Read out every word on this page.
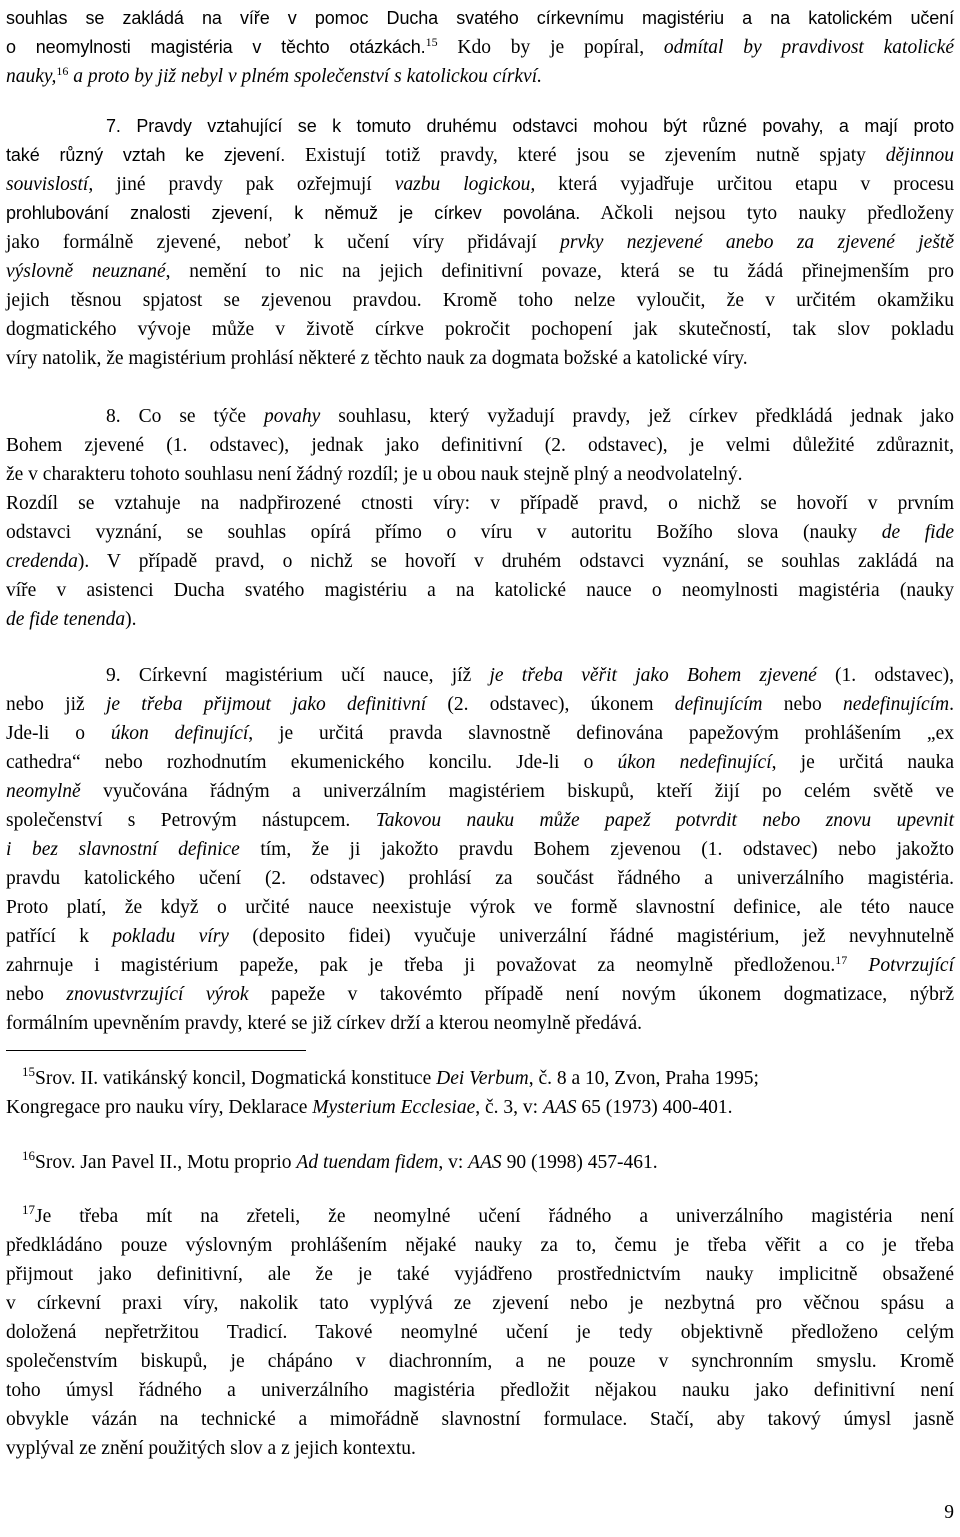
souhlas se zakládá na víře v pomoc Ducha svatého církevnímu magistériu a na katolickém učení
o neomylnosti magistéria v těchto otázkách.$^{15}$ Kdo by je popíral, odmítal by pravdivost katolické
nauky,$^{16}$ a proto by již nebyl v plném společenství s katolickou církví.
7. Pravdy vztahující se k tomuto druhému odstavci mohou být různé povahy, a mají proto
také různý vztah ke zjevení. Existují totiž pravdy, které jsou se zjevením nutně spjaty dějinnou
souvislostí, jiné pravdy pak ozřejmují vazbu logickou, která vyjadřuje určitou etapu v procesu
prohlubování znalosti zjevení, k němuž je církev povolána. Ačkoli nejsou tyto nauky předloženy
jako formálně zjevené, neboť k učení víry přidávají prvky nezjevené anebo za zjevené ještě
výslovně neuznané, nemění to nic na jejich definitivní povaze, která se tu žádá přinejmenším pro
jejich těsnou spjatost se zjevenou pravdou. Kromě toho nelze vyloučit, že v určitém okamžiku
dogmatického vývoje může v životě církve pokročit pochopení jak skutečností, tak slov pokladu
víry natolik, že magistérium prohlásí některé z těchto nauk za dogmata božské a katolické víry.
8. Co se týče povahy souhlasu, který vyžadují pravdy, jež církev předkládá jednak jako
Bohem zjevené (1. odstavec), jednak jako definitivní (2. odstavec), je velmi důležité zdůraznit,
že v charakteru tohoto souhlasu není žádný rozdíl; je u obou nauk stejně plný a neodvolatelný.
Rozdíl se vztahuje na nadpřirozené ctnosti víry: v případě pravd, o nichž se hovoří v prvním
odstavci vyznání, se souhlas opírá přímo o víru v autoritu Božího slova (nauky de fide
credenda). V případě pravd, o nichž se hovoří v druhém odstavci vyznání, se souhlas zakládá na
víře v asistenci Ducha svatého magistériu a na katolické nauce o neomylnosti magistéria (nauky
de fide tenenda).
9. Církevní magistérium učí nauce, jíž je třeba věřit jako Bohem zjevené (1. odstavec),
nebo již je třeba přijmout jako definitivní (2. odstavec), úkonem definujícím nebo nedefinujícím.
Jde-li o úkon definující, je určitá pravda slavnostně definována papežovým prohlášením „ex
cathedra“ nebo rozhodnutím ekumenického koncilu. Jde-li o úkon nedefinující, je určitá nauka
neomylně vyučována řádným a univerzálním magistériem biskupů, kteří žijí po celém světě ve
společenství s Petrovým nástupcem. Takovou nauku může papež potvrdit nebo znovu upevnit
i bez slavnostní definice tím, že ji jakožto pravdu Bohem zjevenou (1. odstavec) nebo jakožto
pravdu katolického učení (2. odstavec) prohlásí za součást řádného a univerzálního magistéria.
Proto platí, že když o určité nauce neexistuje výrok ve formě slavnostní definice, ale této nauce
patřící k pokladu víry (deposito fidei) vyučuje univerzální řádné magistérium, jež nevyhnutelně
zahrnuje i magistérium papeže, pak je třeba ji považovat za neomylně předloženou.$^{17}$ Potvrzující
nebo znovustvrzující výrok papeže v takovémto případě není novým úkonem dogmatizace, nýbrž
formálním upevněním pravdy, které se již církev drží a kterou neomylně předává.
$^{15}$Srov. II. vatikánský koncil, Dogmatická konstituce Dei Verbum, č. 8 a 10, Zvon, Praha 1995;
Kongregace pro nauku víry, Deklarace Mysterium Ecclesiae, č. 3, v: AAS 65 (1973) 400-401.
$^{16}$Srov. Jan Pavel II., Motu proprio Ad tuendam fidem, v: AAS 90 (1998) 457-461.
$^{17}$Je třeba mít na zřeteli, že neomylné učení řádného a univerzálního magistéria není
předkládáno pouze výslovným prohlášením nějaké nauky za to, čemu je třeba věřit a co je třeba
přijmout jako definitivní, ale že je také vyjádřeno prostřednictvím nauky implicitně obsažené
v církevní praxi víry, nakolik tato vyplývá ze zjevení nebo je nezbytná pro věčnou spásu a
doložená nepřetržitou Tradicí. Takové neomylné učení je tedy objektivně předloženo celým
společenstvím biskupů, je chápáno v diachronním, a ne pouze v synchronním smyslu. Kromě
toho úmysl řádného a univerzálního magistéria předložit nějakou nauku jako definitivní není
obvykle vázán na technické a mimořádně slavnostní formulace. Stačí, aby takový úmysl jasně
vyplýval ze znění použitých slov a z jejich kontextu.
9
